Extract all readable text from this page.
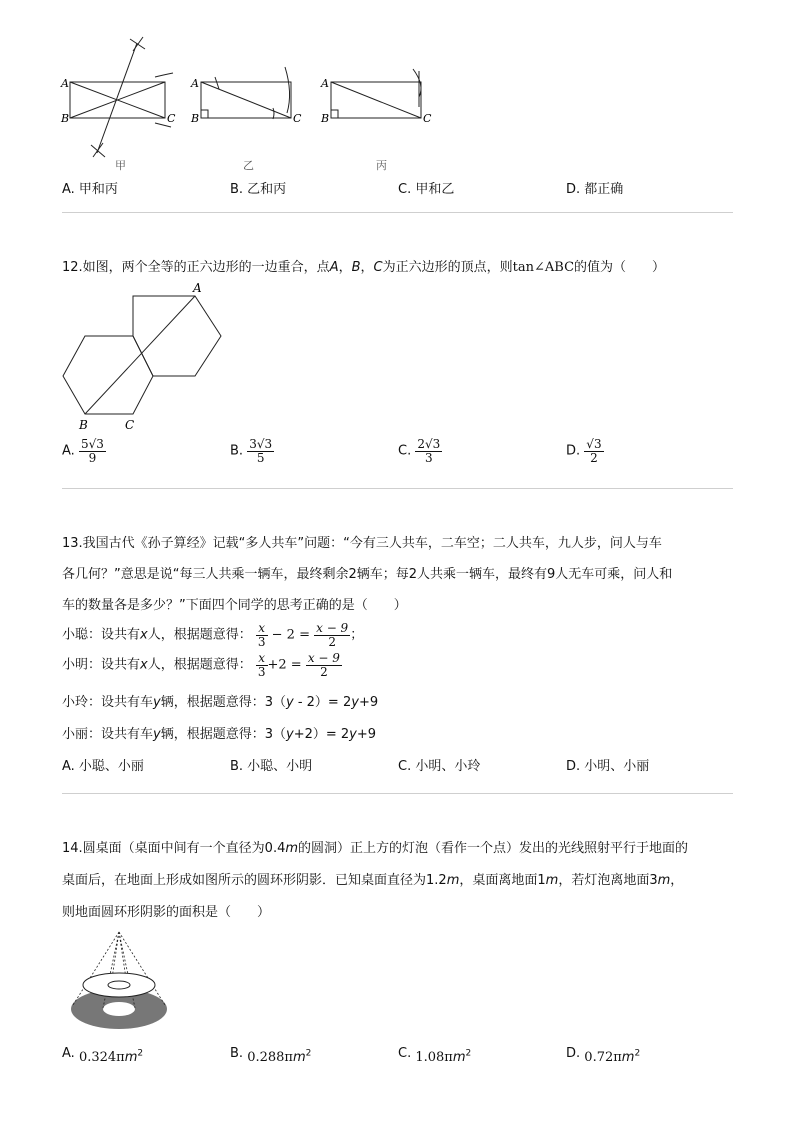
A
B	C
A
B	C
A
B	C
甲	乙	丙
A. 甲和丙	B. 乙和丙	C. 甲和乙	D. 都正确
12.如图，两个全等的正六边形的一边重合，点A，B，C为正六边形的顶点，则tan∠ABC的值为（　　）
A
B	C
A. $\frac{5√3}{9}$	B. $\frac{3√3}{5}$	C. $\frac{2√3}{3}$	D. $\frac{√3}{2}$
13.我国古代《孙子算经》记载“多人共车”问题：“今有三人共车，二车空；二人共车，九人步，问人与车
各几何？”意思是说“每三人共乘一辆车，最终剩余2辆车；每2人共乘一辆车，最终有9人无车可乘，问人和
车的数量各是多少？”下面四个同学的思考正确的是（　　）
小聪：设共有x人，根据题意得： $\frac{x}{3} - 2 = \frac{x - 9}{2}$ ；
小明：设共有x人，根据题意得： $\frac{x}{3} +2 = \frac{x - 9}{2}$
小玲：设共有车y辆，根据题意得：3（y - 2）= 2y+9
小丽：设共有车y辆，根据题意得：3（y+2）= 2y+9
A. 小聪、小丽	B. 小聪、小明	C. 小明、小玲	D. 小明、小丽
14.圆桌面（桌面中间有一个直径为0.4m的圆洞）正上方的灯泡（看作一个点）发出的光线照射平行于地面的
桌面后，在地面上形成如图所示的圆环形阴影．已知桌面直径为1.2m，桌面离地面1m，若灯泡离地面3m，
则地面圆环形阴影的面积是（　　）
A. $0.324\pi m^2$	B. $0.288\pi m^2$	C. $1.08\pi m^2$	D. $0.72\pi m^2$
